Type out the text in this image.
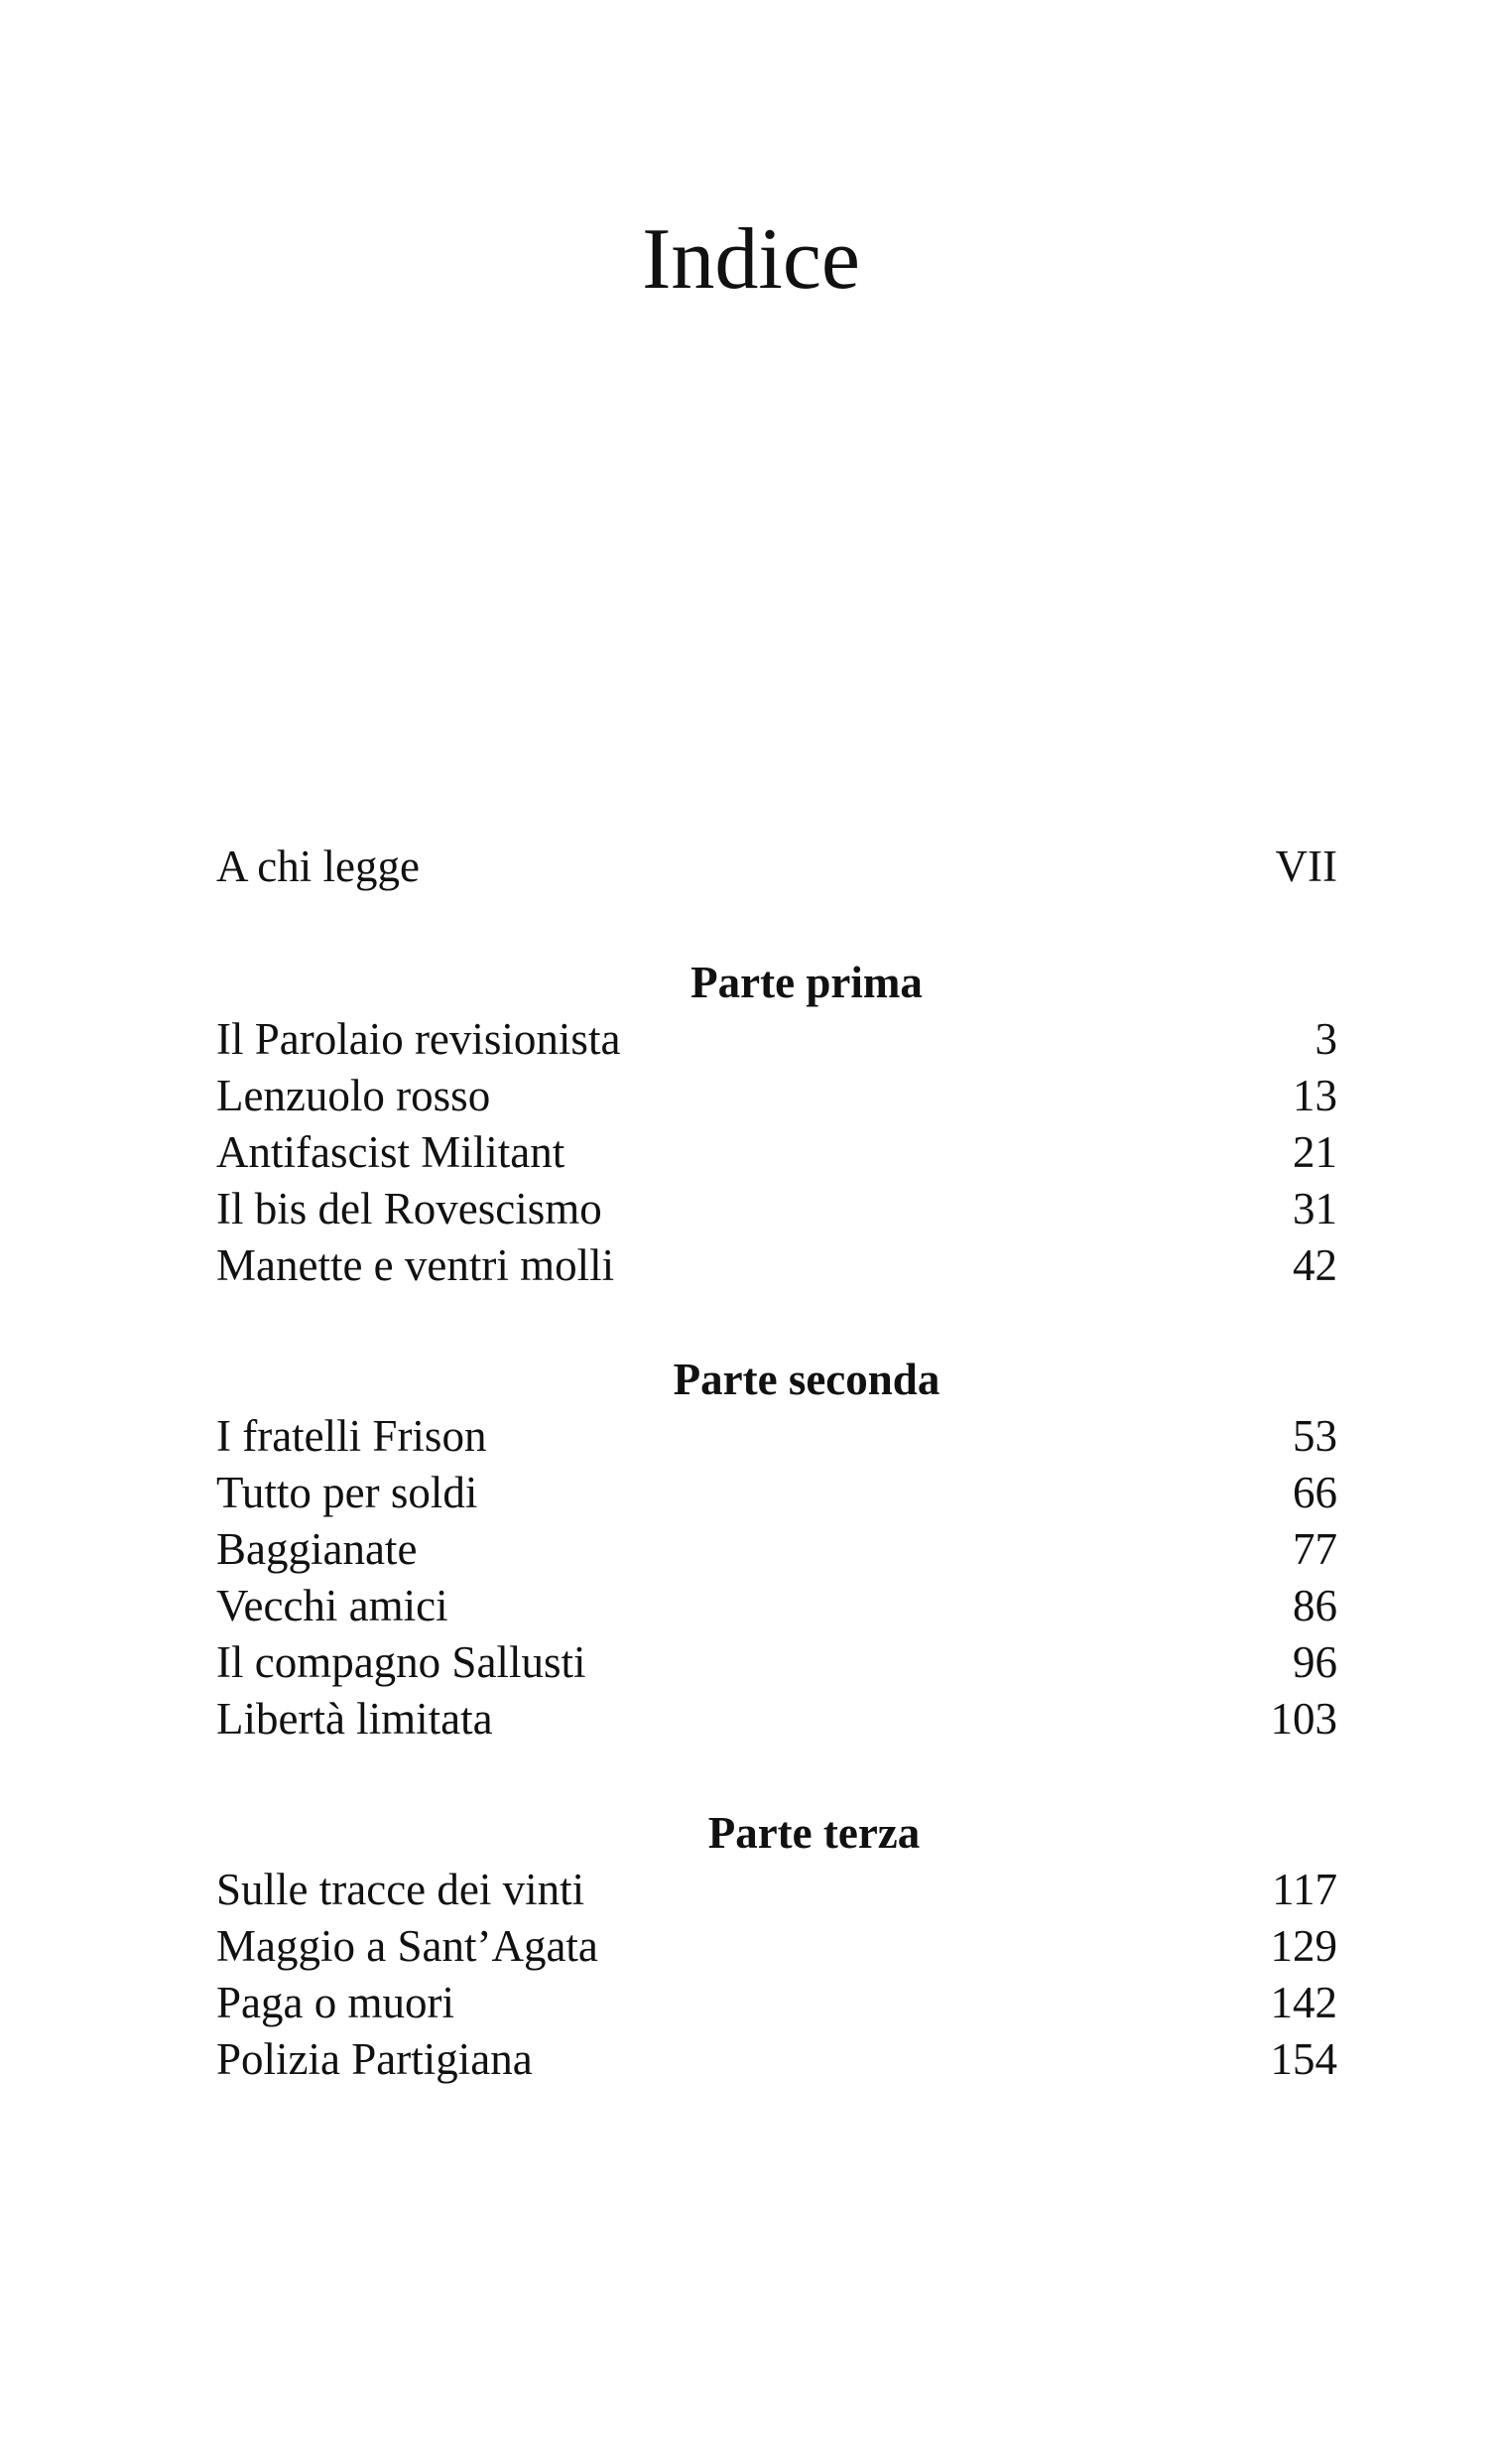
Indice
A chi legge	VII
Parte prima
Il Parolaio revisionista	3
Lenzuolo rosso	13
Antifascist Militant	21
Il bis del Rovescismo	31
Manette e ventri molli	42
Parte seconda
I fratelli Frison	53
Tutto per soldi	66
Baggianate	77
Vecchi amici	86
Il compagno Sallusti	96
Libertà limitata	103
Parte terza
Sulle tracce dei vinti	117
Maggio a Sant’Agata	129
Paga o muori	142
Polizia Partigiana	154
